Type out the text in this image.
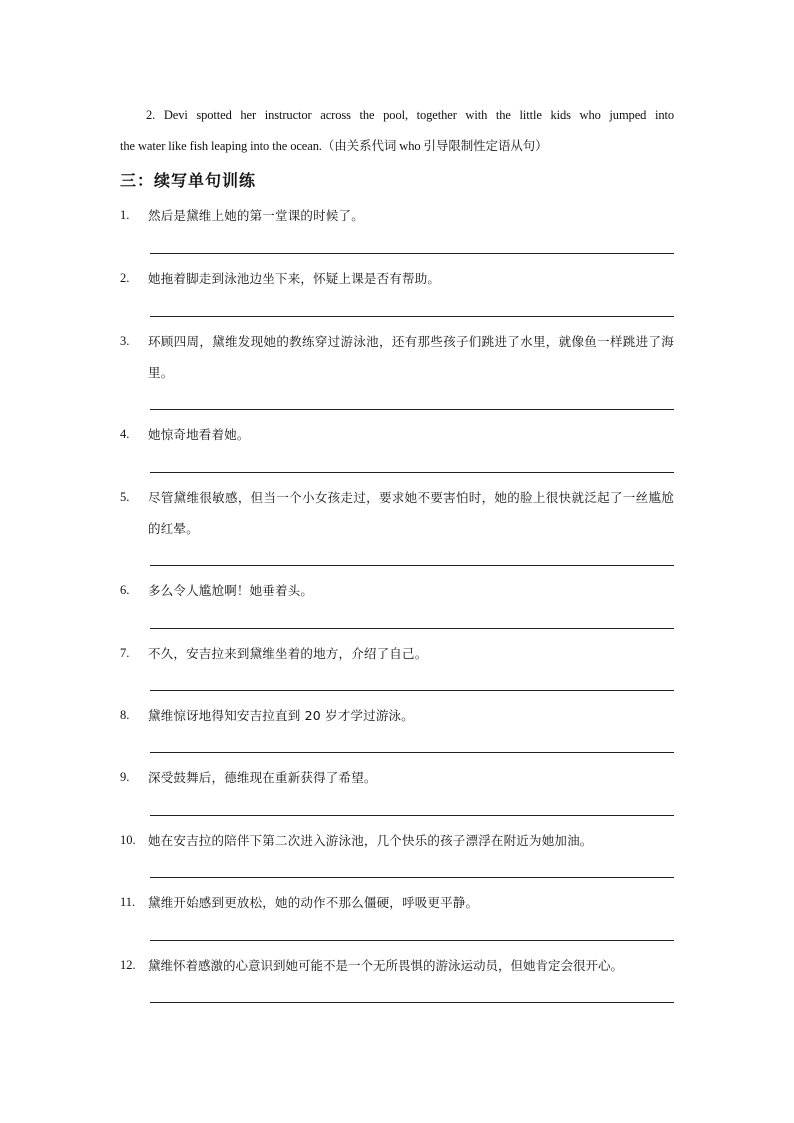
2. Devi spotted her instructor across the pool, together with the little kids who jumped into
the water like fish leaping into the ocean.（由关系代词 who 引导限制性定语从句）
三：续写单句训练
1. 然后是黛维上她的第一堂课的时候了。
2. 她拖着脚走到泳池边坐下来，怀疑上课是否有帮助。
3. 环顾四周，黛维发现她的教练穿过游泳池，还有那些孩子们跳进了水里，就像鱼一样跳进了海里。
4. 她惊奇地看着她。
5. 尽管黛维很敏感，但当一个小女孩走过，要求她不要害怕时，她的脸上很快就泛起了一丝尴尬的红晕。
6. 多么令人尴尬啊！她垂着头。
7. 不久，安吉拉来到黛维坐着的地方，介绍了自己。
8. 黛维惊讶地得知安吉拉直到 20 岁才学过游泳。
9. 深受鼓舞后，德维现在重新获得了希望。
10. 她在安吉拉的陪伴下第二次进入游泳池，几个快乐的孩子漂浮在附近为她加油。
11. 黛维开始感到更放松，她的动作不那么僵硬，呼吸更平静。
12. 黛维怀着感激的心意识到她可能不是一个无所畏惧的游泳运动员，但她肯定会很开心。
